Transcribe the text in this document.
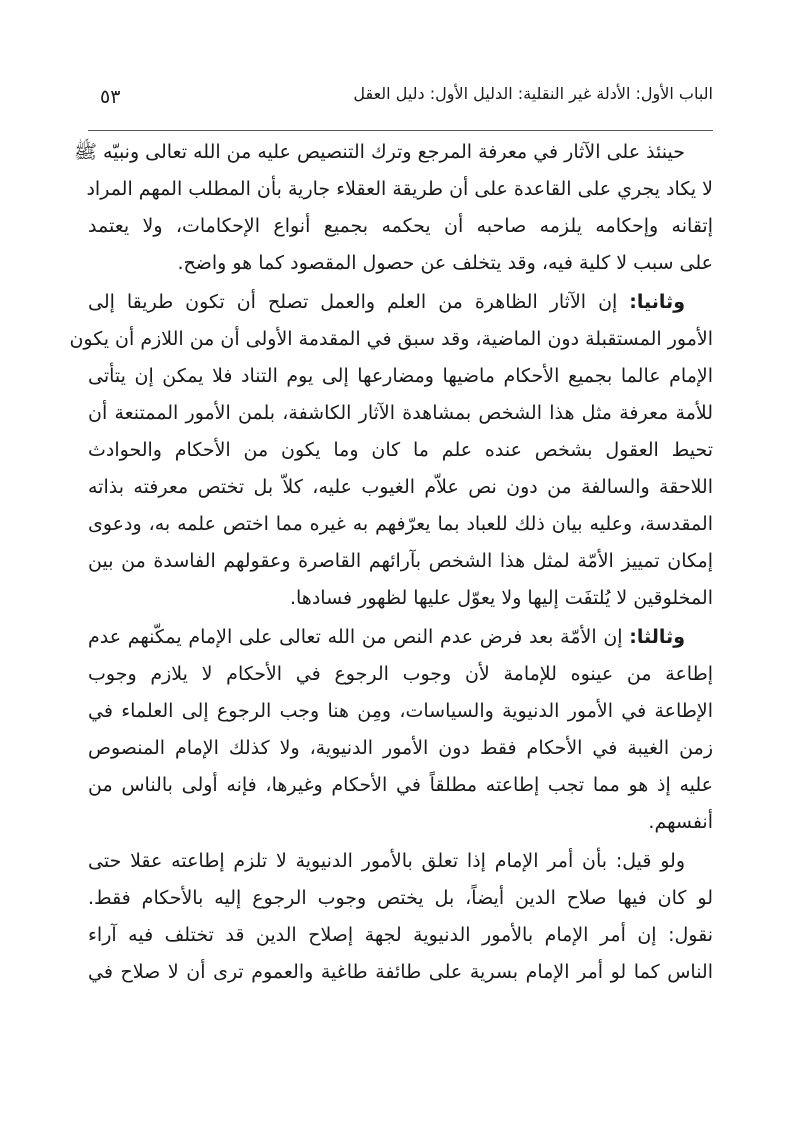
الباب الأول: الأدلة غير النقلية: الدليل الأول: دليل العقل
٥٣
حينئذ على الآثار في معرفة المرجع وترك التنصيص عليه من الله تعالى ونبيّه ﷺ
لا يكاد يجري على القاعدة على أن طريقة العقلاء جارية بأن المطلب المهم المراد
إتقانه وإحكامه يلزمه صاحبه أن يحكمه بجميع أنواع الإحكامات، ولا يعتمد
على سبب لا كلية فيه، وقد يتخلف عن حصول المقصود كما هو واضح.
وثانيا: إن الآثار الظاهرة من العلم والعمل تصلح أن تكون طريقا إلى
الأمور المستقبلة دون الماضية، وقد سبق في المقدمة الأولى أن من اللازم أن يكون
الإمام عالما بجميع الأحكام ماضيها ومضارعها إلى يوم التناد فلا يمكن إن يتأتى
للأمة معرفة مثل هذا الشخص بمشاهدة الآثار الكاشفة، بلمن الأمور الممتنعة أن
تحيط العقول بشخص عنده علم ما كان وما يكون من الأحكام والحوادث
اللاحقة والسالفة من دون نص علاّم الغيوب عليه، كلاّ بل تختص معرفته بذاته
المقدسة، وعليه بيان ذلك للعباد بما يعرّفهم به غيره مما اختص علمه به، ودعوى
إمكان تمييز الأمّة لمثل هذا الشخص بآرائهم القاصرة وعقولهم الفاسدة من بين
المخلوقين لا يُلتفَت إليها ولا يعوّل عليها لظهور فسادها.
وثالثا: إن الأمّة بعد فرض عدم النص من الله تعالى على الإمام يمكّنهم عدم
إطاعة من عينوه للإمامة لأن وجوب الرجوع في الأحكام لا يلازم وجوب
الإطاعة في الأمور الدنيوية والسياسات، ومِن هنا وجب الرجوع إلى العلماء في
زمن الغيبة في الأحكام فقط دون الأمور الدنيوية، ولا كذلك الإمام المنصوص
عليه إذ هو مما تجب إطاعته مطلقاً في الأحكام وغيرها، فإنه أولى بالناس من
أنفسهم.
ولو قيل: بأن أمر الإمام إذا تعلق بالأمور الدنيوية لا تلزم إطاعته عقلا حتى
لو كان فيها صلاح الدين أيضاً، بل يختص وجوب الرجوع إليه بالأحكام فقط.
نقول: إن أمر الإمام بالأمور الدنيوية لجهة إصلاح الدين قد تختلف فيه آراء
الناس كما لو أمر الإمام بسرية على طائفة طاغية والعموم ترى أن لا صلاح في
